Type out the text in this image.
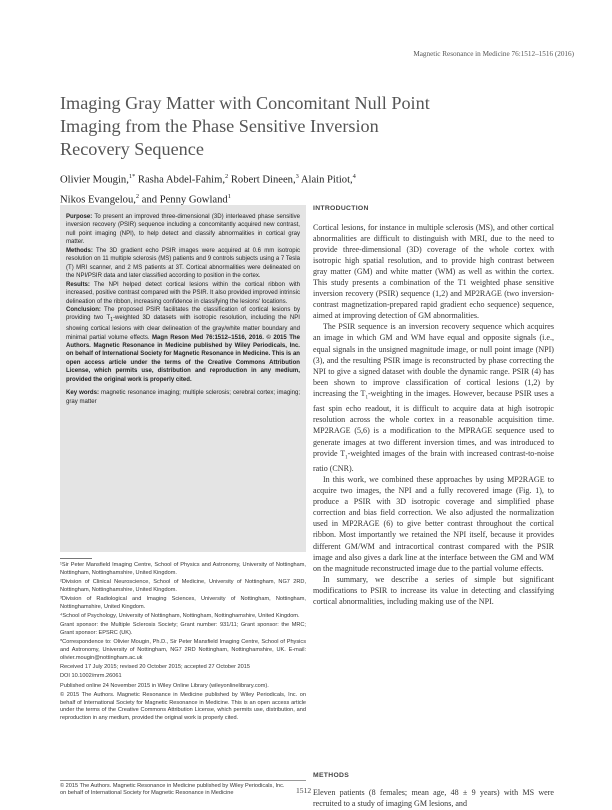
Magnetic Resonance in Medicine 76:1512–1516 (2016)
Imaging Gray Matter with Concomitant Null Point
Imaging from the Phase Sensitive Inversion
Recovery Sequence
Olivier Mougin,$^{1*}$ Rasha Abdel-Fahim,$^2$ Robert Dineen,$^3$ Alain Pitiot,$^4$
Nikos Evangelou,$^2$ and Penny Gowland$^1$

Purpose: To present an improved three-dimensional (3D) interleaved phase sensitive inversion recovery (PSIR) sequence including a concomitantly acquired new contrast, null point imaging (NPI), to help detect and classify abnormalities in cortical gray matter.

Methods: The 3D gradient echo PSIR images were acquired at 0.6 mm isotropic resolution on 11 multiple sclerosis (MS) patients and 9 controls subjects using a 7 Tesla (T) MRI scanner, and 2 MS patients at 3T. Cortical abnormalities were delineated on the NPI/PSIR data and later classified according to position in the cortex.

Results: The NPI helped detect cortical lesions within the cortical ribbon with increased, positive contrast compared with the PSIR. It also provided improved intrinsic delineation of the ribbon, increasing confidence in classifying the lesions' locations.

Conclusion: The proposed PSIR facilitates the classification of cortical lesions by providing two $T_1$-weighted 3D datasets with isotropic resolution, including the NPI showing cortical lesions with clear delineation of the gray/white matter boundary and minimal partial volume effects. Magn Reson Med 76:1512–1516, 2016. © 2015 The Authors. Magnetic Resonance in Medicine published by Wiley Periodicals, Inc. on behalf of International Society for Magnetic Resonance in Medicine. This is an open access article under the terms of the Creative Commons Attribution License, which permits use, distribution and reproduction in any medium, provided the original work is properly cited.

Key words: magnetic resonance imaging; multiple sclerosis; cerebral cortex; imaging; gray matter

¹Sir Peter Mansfield Imaging Centre, School of Physics and Astronomy, University of Nottingham, Nottingham, Nottinghamshire, United Kingdom.

²Division of Clinical Neuroscience, School of Medicine, University of Nottingham, NG7 2RD, Nottingham, Nottinghamshire, United Kingdom.

³Division of Radiological and Imaging Sciences, University of Nottingham, Nottingham, Nottinghamshire, United Kingdom.

⁴School of Psychology, University of Nottingham, Nottingham, Nottinghamshire, United Kingdom.

Grant sponsor: the Multiple Sclerosis Society; Grant number: 931/11; Grant sponsor: the MRC; Grant sponsor: EPSRC (UK).

*Correspondence to: Olivier Mougin, Ph.D., Sir Peter Mansfield Imaging Centre, School of Physics and Astronomy, University of Nottingham, NG7 2RD Nottingham, Nottinghamshire, UK. E-mail: olivier.mougin@nottingham.ac.uk

Received 17 July 2015; revised 20 October 2015; accepted 27 October 2015

DOI 10.1002/mrm.26061

Published online 24 November 2015 in Wiley Online Library (wileyonlinelibrary.com).

© 2015 The Authors. Magnetic Resonance in Medicine published by Wiley Periodicals, Inc. on behalf of International Society for Magnetic Resonance in Medicine. This is an open access article under the terms of the Creative Commons Attribution License, which permits use, distribution, and reproduction in any medium, provided the original work is properly cited.

© 2015 The Authors. Magnetic Resonance in Medicine published by Wiley Periodicals, Inc. on behalf of International Society for Magnetic Resonance in Medicine	1512
INTRODUCTION

Cortical lesions, for instance in multiple sclerosis (MS), and other cortical abnormalities are difficult to distinguish with MRI, due to the need to provide three-dimensional (3D) coverage of the whole cortex with isotropic high spatial resolution, and to provide high contrast between gray matter (GM) and white matter (WM) as well as within the cortex. This study presents a combination of the T1 weighted phase sensitive inversion recovery (PSIR) sequence (1,2) and MP2RAGE (two inversion-contrast magnetization-prepared rapid gradient echo sequence) sequence, aimed at improving detection of GM abnormalities.

The PSIR sequence is an inversion recovery sequence which acquires an image in which GM and WM have equal and opposite signals (i.e., equal signals in the unsigned magnitude image, or null point image (NPI) (3), and the resulting PSIR image is reconstructed by phase correcting the NPI to give a signed dataset with double the dynamic range. PSIR (4) has been shown to improve classification of cortical lesions (1,2) by increasing the $T_1$-weighting in the images. However, because PSIR uses a fast spin echo readout, it is difficult to acquire data at high isotropic resolution across the whole cortex in a reasonable acquisition time. MP2RAGE (5,6) is a modification to the MPRAGE sequence used to generate images at two different inversion times, and was introduced to provide $T_1$-weighted images of the brain with increased contrast-to-noise ratio (CNR).

In this work, we combined these approaches by using MP2RAGE to acquire two images, the NPI and a fully recovered image (Fig. 1), to produce a PSIR with 3D isotropic coverage and simplified phase correction and bias field correction. We also adjusted the normalization used in MP2RAGE (6) to give better contrast throughout the cortical ribbon. Most importantly we retained the NPI itself, because it provides different GM/WM and intracortical contrast compared with the PSIR image and also gives a dark line at the interface between the GM and WM on the magnitude reconstructed image due to the partial volume effects.

In summary, we describe a series of simple but significant modifications to PSIR to increase its value in detecting and classifying cortical abnormalities, including making use of the NPI.

METHODS

Eleven patients (8 females; mean age, 48 ± 9 years) with MS were recruited to a study of imaging GM lesions, and
